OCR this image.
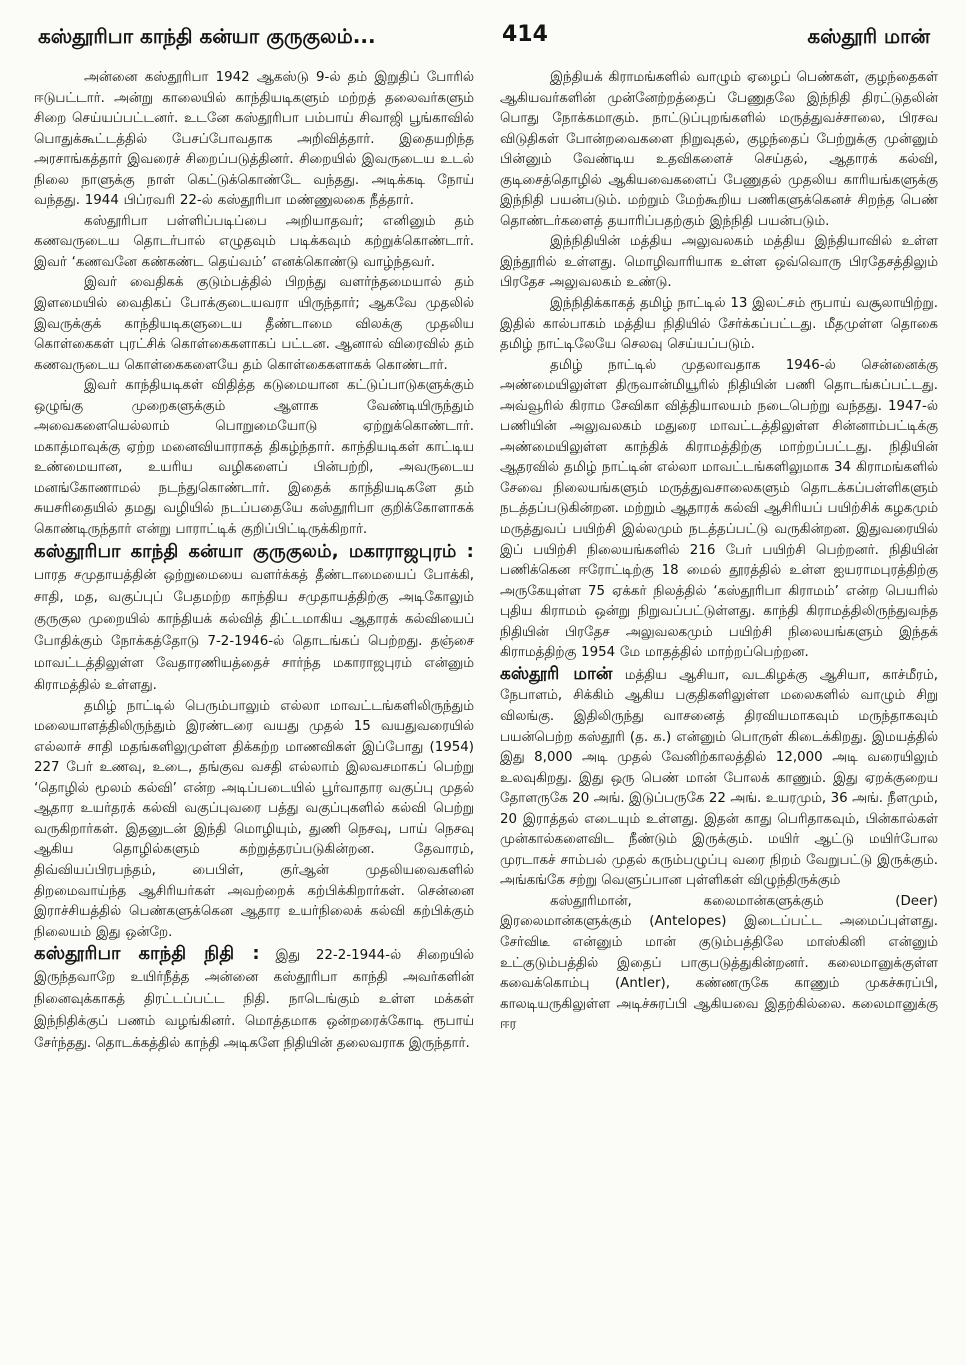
கஸ்தூரிபா காந்தி கன்யா குருகுலம்...	414	கஸ்தூரி மான்

அன்னை கஸ்தூரிபா 1942 ஆகஸ்டு 9-ல் தம் இறுதிப் போரில் ஈடுபட்டார். அன்று காலையில் காந்தியடிகளும் மற்றத் தலைவர்களும் சிறை செய்யப்பட்டனர். உடனே கஸ்தூரிபா பம்பாய் சிவாஜி பூங்காவில் பொதுக்கூட்டத்தில் பேசப்போவதாக அறிவித்தார். இதையறிந்த அரசாங்கத்தார் இவரைச் சிறைப்படுத்தினர். சிறையில் இவருடைய உடல் நிலை நாளுக்கு நாள் கெட்டுக்கொண்டே வந்தது. அடிக்கடி நோய் வந்தது. 1944 பிப்ரவரி 22-ல் கஸ்தூரிபா மண்ணுலகை நீத்தார்.

கஸ்தூரிபா பள்ளிப்படிப்பை அறியாதவர்; எனினும் தம் கணவருடைய தொடர்பால் எழுதவும் படிக்கவும் கற்றுக்கொண்டார். இவர் ‘கணவனே கண்கண்ட தெய்வம்’ எனக்கொண்டு வாழ்ந்தவர்.

இவர் வைதிகக் குடும்பத்தில் பிறந்து வளர்ந்தமையால் தம் இளமையில் வைதிகப் போக்குடையவரா யிருந்தார்; ஆகவே முதலில் இவருக்குக் காந்தியடிகளுடைய தீண்டாமை விலக்கு முதலிய கொள்கைகள் புரட்சிக் கொள்கைகளாகப் பட்டன. ஆனால் விரைவில் தம் கணவருடைய கொள்கைகளையே தம் கொள்கைகளாகக் கொண்டார்.

இவர் காந்தியடிகள் விதித்த கடுமையான கட்டுப்பாடுகளுக்கும் ஒழுங்கு முறைகளுக்கும் ஆளாக வேண்டியிருந்தும் அவைகளையெல்லாம் பொறுமையோடு ஏற்றுக்கொண்டார். மகாத்மாவுக்கு ஏற்ற மனைவியாராகத் திகழ்ந்தார். காந்தியடிகள் காட்டிய உண்மையான, உயரிய வழிகளைப் பின்பற்றி, அவருடைய மனங்கோணாமல் நடந்துகொண்டார். இதைக் காந்தியடிகளே தம் சுயசரிதையில் தமது வழியில் நடப்பதையே கஸ்தூரிபா குறிக்கோளாகக் கொண்டிருந்தார் என்று பாராட்டிக் குறிப்பிட்டிருக்கிறார்.

கஸ்தூரிபா காந்தி கன்யா குருகுலம், மகாராஜபுரம் : பாரத சமுதாயத்தின் ஒற்றுமையை வளர்க்கத் தீண்டாமையைப் போக்கி, சாதி, மத, வகுப்புப் பேதமற்ற காந்திய சமுதாயத்திற்கு அடிகோலும் குருகுல முறையில் காந்தியக் கல்வித் திட்டமாகிய ஆதாரக் கல்வியைப் போதிக்கும் நோக்கத்தோடு 7-2-1946-ல் தொடங்கப் பெற்றது. தஞ்சை மாவட்டத்திலுள்ள வேதாரணியத்தைச் சார்ந்த மகாராஜபுரம் என்னும் கிராமத்தில் உள்ளது.

தமிழ் நாட்டில் பெரும்பாலும் எல்லா மாவட்டங்களிலிருந்தும் மலையாளத்திலிருந்தும் இரண்டரை வயது முதல் 15 வயதுவரையில் எல்லாச் சாதி மதங்களிலுமுள்ள திக்கற்ற மாணவிகள் இப்போது (1954) 227 பேர் உணவு, உடை, தங்குவ வசதி எல்லாம் இலவசமாகப் பெற்று ‘தொழில் மூலம் கல்வி’ என்ற அடிப்படையில் பூர்வாதார வகுப்பு முதல் ஆதார உயர்தரக் கல்வி வகுப்புவரை பத்து வகுப்புகளில் கல்வி பெற்று வருகிறார்கள். இதனுடன் இந்தி மொழியும், துணி நெசவு, பாய் நெசவு ஆகிய தொழில்களும் கற்றுத்தரப்படுகின்றன. தேவாரம், திவ்வியப்பிரபந்தம், பைபிள், குர்ஆன் முதலியவைகளில் திறமைவாய்ந்த ஆசிரியர்கள் அவற்றைக் கற்பிக்கிறார்கள். சென்னை இராச்சியத்தில் பெண்களுக்கென ஆதார உயர்நிலைக் கல்வி கற்பிக்கும் நிலையம் இது ஒன்றே.

கஸ்தூரிபா காந்தி நிதி : இது 22-2-1944-ல் சிறையில் இருந்தவாறே உயிர்நீத்த அன்னை கஸ்தூரிபா காந்தி அவர்களின் நினைவுக்காகத் திரட்டப்பட்ட நிதி. நாடெங்கும் உள்ள மக்கள் இந்நிதிக்குப் பணம் வழங்கினர். மொத்தமாக ஒன்றரைக்கோடி ரூபாய் சேர்ந்தது. தொடக்கத்தில் காந்தி அடிகளே நிதியின் தலைவராக இருந்தார்.

இந்தியக் கிராமங்களில் வாழும் ஏழைப் பெண்கள், குழந்தைகள் ஆகியவர்களின் முன்னேற்றத்தைப் பேணுதலே இந்நிதி திரட்டுதலின் பொது நோக்கமாகும். நாட்டுப்புறங்களில் மருத்துவச்சாலை, பிரசவ விடுதிகள் போன்றவைகளை நிறுவுதல், குழந்தைப் பேற்றுக்கு முன்னும் பின்னும் வேண்டிய உதவிகளைச் செய்தல், ஆதாரக் கல்வி, குடிசைத்தொழில் ஆகியவைகளைப் பேணுதல் முதலிய காரியங்களுக்கு இந்நிதி பயன்படும். மற்றும் மேற்கூறிய பணிகளுக்கெனச் சிறந்த பெண் தொண்டர்களைத் தயாரிப்பதற்கும் இந்நிதி பயன்படும்.

இந்நிதியின் மத்திய அலுவலகம் மத்திய இந்தியாவில் உள்ள இந்தூரில் உள்ளது. மொழிவாரியாக உள்ள ஒவ்வொரு பிரதேசத்திலும் பிரதேச அலுவலகம் உண்டு.

இந்நிதிக்காகத் தமிழ் நாட்டில் 13 இலட்சம் ரூபாய் வசூலாயிற்று. இதில் கால்பாகம் மத்திய நிதியில் சேர்க்கப்பட்டது. மீதமுள்ள தொகை தமிழ் நாட்டிலேயே செலவு செய்யப்படும்.

தமிழ் நாட்டில் முதலாவதாக 1946-ல் சென்னைக்கு அண்மையிலுள்ள திருவான்மியூரில் நிதியின் பணி தொடங்கப்பட்டது. அவ்வூரில் கிராம சேவிகா வித்தியாலயம் நடைபெற்று வந்தது. 1947-ல் பணியின் அலுவலகம் மதுரை மாவட்டத்திலுள்ள சின்னாம்பட்டிக்கு அண்மையிலுள்ள காந்திக் கிராமத்திற்கு மாற்றப்பட்டது. நிதியின் ஆதரவில் தமிழ் நாட்டின் எல்லா மாவட்டங்களிலுமாக 34 கிராமங்களில் சேவை நிலையங்களும் மருத்துவசாலைகளும் தொடக்கப்பள்ளிகளும் நடத்தப்படுகின்றன. மற்றும் ஆதாரக் கல்வி ஆசிரியப் பயிற்சிக் கழகமும் மருத்துவப் பயிற்சி இல்லமும் நடத்தப்பட்டு வருகின்றன. இதுவரையில் இப் பயிற்சி நிலையங்களில் 216 பேர் பயிற்சி பெற்றனர். நிதியின் பணிக்கென ஈரோட்டிற்கு 18 மைல் தூரத்தில் உள்ள ஐயராமபுரத்திற்கு அருகேயுள்ள 75 ஏக்கர் நிலத்தில் ‘கஸ்தூரிபா கிராமம்’ என்ற பெயரில் புதிய கிராமம் ஒன்று நிறுவப்பட்டுள்ளது. காந்தி கிராமத்திலிருந்துவந்த நிதியின் பிரதேச அலுவலகமும் பயிற்சி நிலையங்களும் இந்தக் கிராமத்திற்கு 1954 மே மாதத்தில் மாற்றப்பெற்றன.

கஸ்தூரி மான் மத்திய ஆசியா, வடகிழக்கு ஆசியா, காச்மீரம், நேபாளம், சிக்கிம் ஆகிய பகுதிகளிலுள்ள மலைகளில் வாழும் சிறு விலங்கு. இதிலிருந்து வாசனைத் திரவியமாகவும் மருந்தாகவும் பயன்பெற்ற கஸ்தூரி (த. க.) என்னும் பொருள் கிடைக்கிறது. இமயத்தில் இது 8,000 அடி முதல் வேனிற்காலத்தில் 12,000 அடி வரையிலும் உலவுகிறது. இது ஒரு பெண் மான் போலக் காணும். இது ஏறக்குறைய தோளருகே 20 அங். இடுப்பருகே 22 அங். உயரமும், 36 அங். நீளமும், 20 இராத்தல் எடையும் உள்ளது. இதன் காது பெரிதாகவும், பின்கால்கள் முன்கால்களைவிட நீண்டும் இருக்கும். மயிர் ஆட்டு மயிர்போல முரடாகச் சாம்பல் முதல் கரும்பழுப்பு வரை நிறம் வேறுபட்டு இருக்கும். அங்கங்கே சற்று வெளுப்பான புள்ளிகள் விழுந்திருக்கும்

கஸ்தூரிமான், கலைமான்களுக்கும் (Deer) இரலைமான்களுக்கும் (Antelopes) இடைப்பட்ட அமைப்புள்ளது. சேர்விடீ என்னும் மான் குடும்பத்திலே மாஸ்கினி என்னும் உட்குடும்பத்தில் இதைப் பாகுபடுத்துகின்றனர். கலைமானுக்குள்ள கவைக்கொம்பு (Antler), கண்ணருகே காணும் முகச்சுரப்பி, காலடியருகிலுள்ள அடிச்சுரப்பி ஆகியவை இதற்கில்லை. கலைமானுக்கு ஈர
